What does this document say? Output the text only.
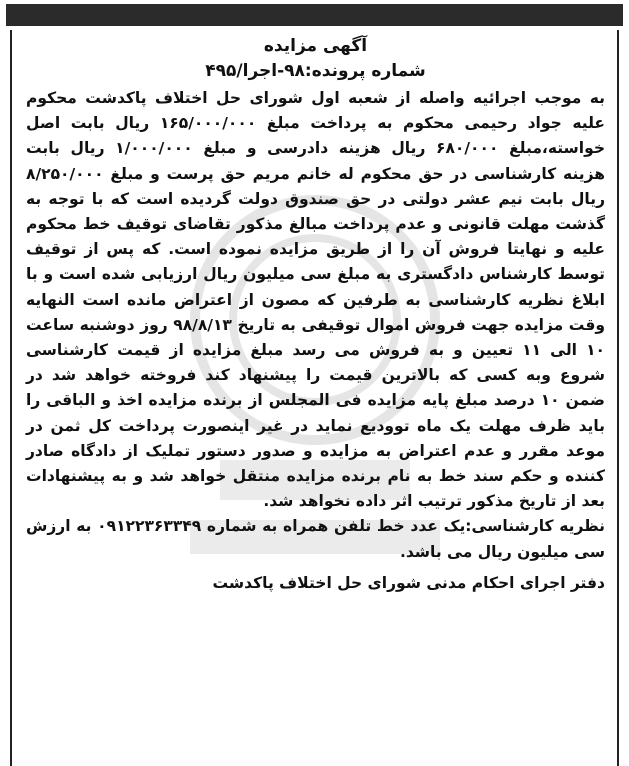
آگهی مزایده
شماره پرونده:۹۸-اجرا/۴۹۵

به موجب اجرائیه واصله از شعبه اول شورای حل اختلاف پاکدشت محکوم علیه جواد رحیمی محکوم به پرداخت مبلغ ۱۶۵/۰۰۰/۰۰۰ ریال بابت اصل خواسته،مبلغ ۶۸۰/۰۰۰ ریال هزینه دادرسی و مبلغ ۱/۰۰۰/۰۰۰ ریال بابت هزینه کارشناسی در حق محکوم له خانم مریم حق پرست و مبلغ ۸/۲۵۰/۰۰۰ ریال بابت نیم عشر دولتی در حق صندوق دولت گردیده است که با توجه به گذشت مهلت قانونی و عدم پرداخت مبالغ مذکور تقاضای توقیف خط محکوم علیه و نهایتا فروش آن را از طریق مزایده نموده است. که پس از توقیف توسط کارشناس دادگستری به مبلغ سی میلیون ریال ارزیابی شده است و با ابلاغ نظریه کارشناسی به طرفین که مصون از اعتراض مانده است النهایه وقت مزایده جهت فروش اموال توقیفی به تاریخ ۹۸/۸/۱۳ روز دوشنبه ساعت ۱۰ الی ۱۱ تعیین و به فروش می رسد مبلغ مزایده از قیمت کارشناسی شروع وبه کسی که بالاترین قیمت را پیشنهاد کند فروخته خواهد شد در ضمن ۱۰ درصد مبلغ پایه مزایده فی المجلس از برنده مزایده اخذ و الباقی را باید ظرف مهلت یک ماه توودیع نماید در غیر اینصورت پرداخت کل ثمن در موعد مقرر و عدم اعتراض به مزایده و صدور دستور تملیک از دادگاه صادر کننده و حکم سند خط به نام برنده مزایده منتقل خواهد شد و به پیشنهادات بعد از تاریخ مذکور ترتیب اثر داده نخواهد شد.

نظریه کارشناسی:یک عدد خط تلفن همراه به شماره ۰۹۱۲۲۳۶۳۳۴۹ به ارزش سی میلیون ریال می باشد.

دفتر اجرای احکام مدنی شورای حل اختلاف پاکدشت
